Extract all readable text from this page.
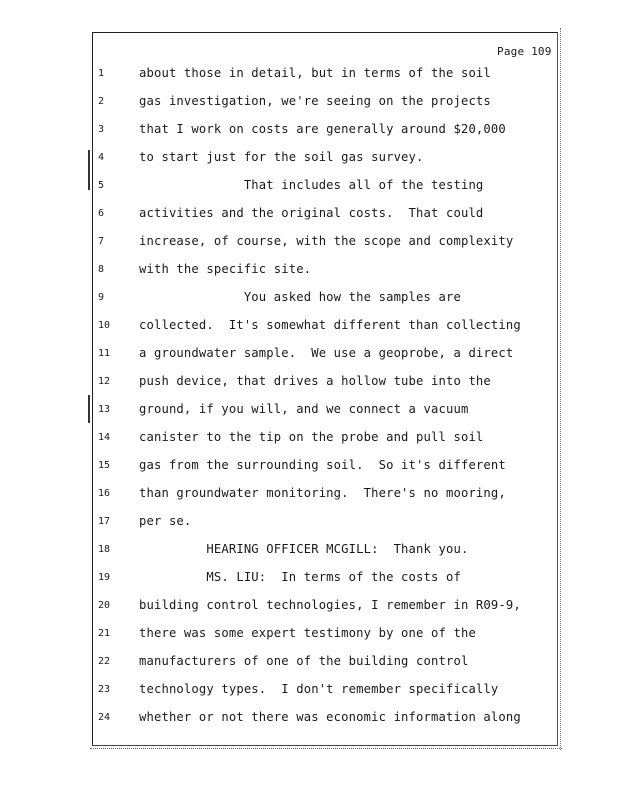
Page 109
1	about those in detail, but in terms of the soil
2	gas investigation, we're seeing on the projects
3	that I work on costs are generally around $20,000
4	to start just for the soil gas survey.
5	That includes all of the testing
6	activities and the original costs.  That could
7	increase, of course, with the scope and complexity
8	with the specific site.
9	You asked how the samples are
10	collected.  It's somewhat different than collecting
11	a groundwater sample.  We use a geoprobe, a direct
12	push device, that drives a hollow tube into the
13	ground, if you will, and we connect a vacuum
14	canister to the tip on the probe and pull soil
15	gas from the surrounding soil.  So it's different
16	than groundwater monitoring.  There's no mooring,
17	per se.
18	HEARING OFFICER MCGILL:  Thank you.
19	MS. LIU:  In terms of the costs of
20	building control technologies, I remember in R09-9,
21	there was some expert testimony by one of the
22	manufacturers of one of the building control
23	technology types.  I don't remember specifically
24	whether or not there was economic information along
